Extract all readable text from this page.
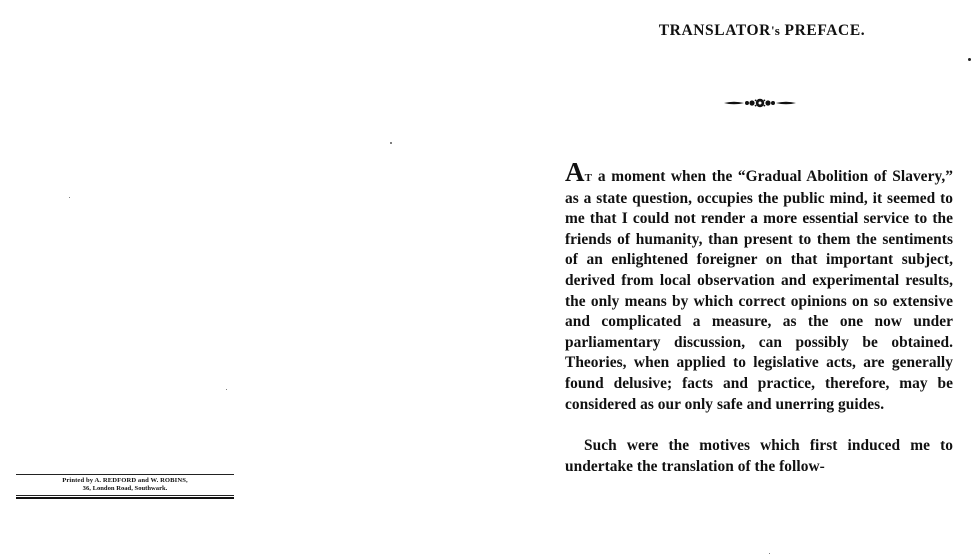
Printed by A. REDFORD and W. ROBINS,
36, London Road, Southwark.
TRANSLATOR's PREFACE.

AT a moment when the “Gradual Abolition of Slavery,” as a state question, occupies the public mind, it seemed to me that I could not render a more essential service to the friends of humanity, than present to them the sentiments of an enlightened foreigner on that important subject, derived from local observation and experimental results, the only means by which correct opinions on so extensive and complicated a measure, as the one now under parliamentary discussion, can possibly be obtained. Theories, when applied to legislative acts, are generally found delusive; facts and practice, therefore, may be considered as our only safe and unerring guides.

Such were the motives which first induced me to undertake the translation of the follow-
